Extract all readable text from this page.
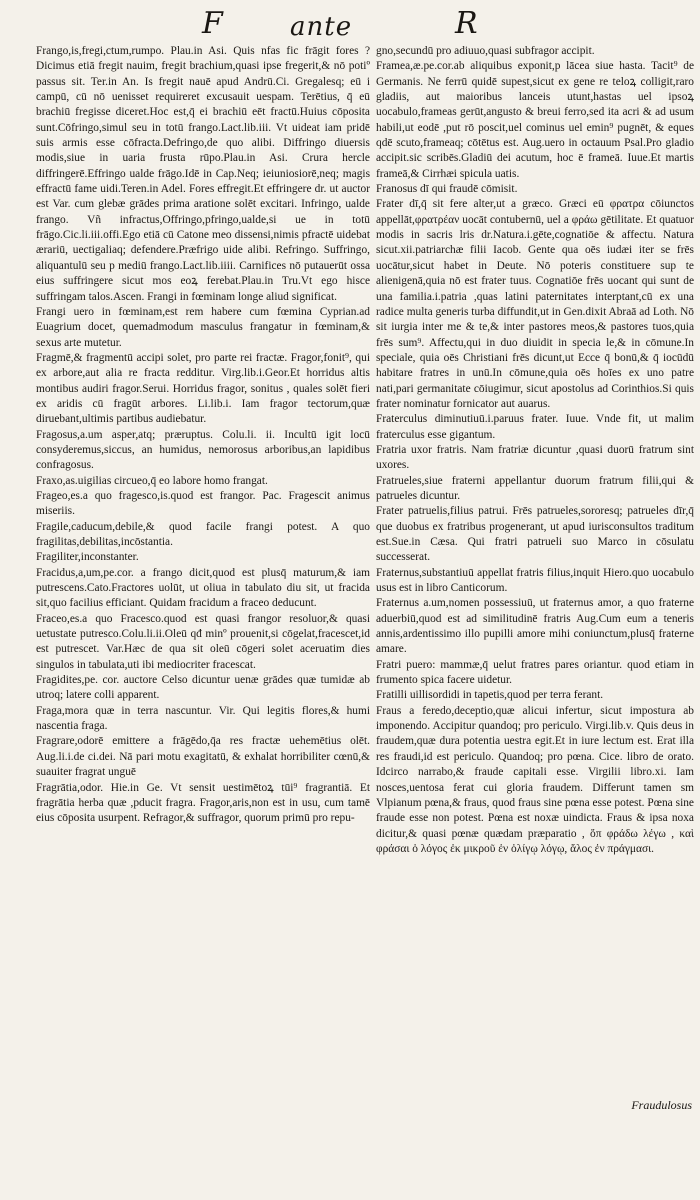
F	ante	R

Frango,is,fregi,ctum,rumpo. Plau.in Asi. Quis nfas fic frāgit fores ?Dicimus etiā fregit nauim, fregit brachium,quasi ipse fregerit,& nō potiº passus sit. Ter.in An. Is fregit nauē apud Andrū.Ci. Gregalesq; eū i campū, cū nō uenisset requireret excusauit uespam. Terētius, q̄ eū brachiū fregisse diceret.Hoc est,q̄ ei brachiū eēt fractū.Huius cōposita sunt.Cōfringo,simul seu in totū frango.Lact.lib.iii. Vt uideat iam pridē suis armis esse cōfracta.Defringo,de quo alibi. Diffringo diuersis modis,siue in uaria frusta rūpo.Plau.in Asi. Crura hercle diffringerē.Effringo ualde frāgo.Idē in Cap.Neq; ieiuniosiorē,neq; magis effractū fame uidi.Teren.in Adel. Fores effregit.Et effringere dr. ut auctor est Var. cum glebæ grādes prima aratione solēt excitari. Infringo, ualde frango. Vñ infractus,Offringo,pfringo,ualde,si ue in totū frāgo.Cic.li.iii.offi.Ego etiā cū Catone meo dissensi,nimis pfractē uidebat ærariū, uectigaliaq; defendere.Præfrigo uide alibi. Refringo. Suffringo, aliquantulū seu p mediū frango.Lact.lib.iiii. Carnifices nō putauerūt ossa eius suffringere sicut mos eoꝝ ferebat.Plau.in Tru.Vt ego hisce suffringam talos.Ascen. Frangi in fœminam longe aliud significat.

Frangi uero in fœminam,est rem habere cum fœmina Cyprian.ad Euagrium docet, quemadmodum masculus frangatur in fœminam,& sexus arte mutetur.

Fragmē,& fragmentū accipi solet, pro parte rei fractæ. Fragor,fonit⁹, qui ex arbore,aut alia re fracta redditur. Virg.lib.i.Geor.Et horridus altis montibus audiri fragor.Serui. Horridus fragor, sonitus , quales solēt fieri ex aridis cū fragūt arbores. Li.lib.i. Iam fragor tectorum,quæ diruebant,ultimis partibus audiebatur.

Fragosus,a.um asper,atq; præruptus. Colu.li. ii. Incultū igit locū consyderemus,siccus, an humidus, nemorosus arboribus,an lapidibus confragosus.

Fraxo,as.uigilias circueo,q̄ eo labore homo frangat.

Frageo,es.a quo fragesco,is.quod est frangor. Pac. Fragescit animus miseriis.

Fragile,caducum,debile,& quod facile frangi potest. A quo fragilitas,debilitas,incōstantia.

Fragiliter,inconstanter.

Fracidus,a,um,pe.cor. a frango dicit,quod est plusq̄ maturum,& iam putrescens.Cato.Fractores uolūt, ut oliua in tabulato diu sit, ut fracida sit,quo facilius efficiant. Quidam fracidum a fraceo deducunt.

Fraceo,es.a quo Fracesco.quod est quasi frangor resoluor,& quasi uetustate putresco.Colu.li.ii.Oleū qđ minº prouenit,si cōgelat,fracescet,id est putrescet. Var.Hæc de qua sit oleū cōgeri solet aceruatim dies singulos in tabulata,uti ibi mediocriter fracescat.

Fragidites,pe. cor. auctore Celso dicuntur uenæ grādes quæ tumidæ ab utroq; latere colli apparent.

Fraga,mora quæ in terra nascuntur. Vir. Qui legitis flores,& humi nascentia fraga.

Fragrare,odorē emittere a frāgēdo,q̄a res fractæ uehemētius olēt. Aug.li.i.de ci.dei. Nā pari motu exagitatū, & exhalat horribiliter cœnū,& suauiter fragrat unguē

Fragrātia,odor. Hie.in Ge. Vt sensit uestimētoꝝ tūi⁹ fragrantiā. Et fragrātia herba quæ ,pducit fragra. Fragor,aris,non est in usu, cum tamē eius cōposita usurpent. Refragor,& suffragor, quorum primū pro repu-

gno,secundū pro adiuuo,quasi subfragor accipit.

Framea,æ.pe.cor.ab aliquibus exponit,p lācea siue hasta. Tacit⁹ de Germanis. Ne ferrū quidē supest,sicut ex gene re teloꝝ colligit,raro gladiis, aut maioribus lanceis utunt,hastas uel ipsoꝝ uocabulo,frameas gerūt,angusto & breui ferro,sed ita acri & ad usum habili,ut eodē ,put rō poscit,uel cominus uel emin⁹ pugnēt, & eques qdē scuto,frameaq; cōtētus est. Aug.uero in octauum Psal.Pro gladio accipit.sic scribēs.Gladiū dei acutum, hoc ē frameā. Iuue.Et martis frameā,& Cirrhæi spicula uatis.

Franosus dī qui fraudē cōmisit.

Frater dī,q̄ sit fere alter,ut a græco. Græci eū φρατρα cōiunctos appellāt,φρατρέαν uocāt contubernū, uel a φράω gētilitate. Et quatuor modis in sacris lris dr.Natura.i.gēte,cognatiōe & affectu. Natura sicut.xii.patriarchæ filii Iacob. Gente qua oēs iudæi iter se frēs uocātur,sicut habet in Deute. Nō poteris constituere sup te alienigenā,quia nō est frater tuus. Cognatiōe frēs uocant qui sunt de una familia.i.patria ,quas latini paternitates interptant,cū ex una radice multa generis turba diffundit,ut in Gen.dixit Abraā ad Loth. Nō sit iurgia inter me & te,& inter pastores meos,& pastores tuos,quia frēs sum⁹. Affectu,qui in duo diuidit in specia le,& in cōmune.In speciale, quia oēs Christiani frēs dicunt,ut Ecce q̄ bonū,& q̄ iocūdū habitare fratres in unū.In cōmune,quia oēs hoīes ex uno patre nati,pari germanitate cōiugimur, sicut apostolus ad Corinthios.Si quis frater nominatur fornicator aut auarus.

Fraterculus diminutiuū.i.paruus frater. Iuue. Vnde fit, ut malim fraterculus esse gigantum.

Fratria uxor fratris. Nam fratriæ dicuntur ,quasi duorū fratrum sint uxores.

Fratrueles,siue fraterni appellantur duorum fratrum filii,qui & patrueles dicuntur.

Frater patruelis,filius patrui. Frēs patrueles,sororesq; patrueles dīr,q̄ que duobus ex fratribus progenerant, ut apud iurisconsultos traditum est.Sue.in Cæsa. Qui fratri patrueli suo Marco in cōsulatu successerat.

Fraternus,substantiuū appellat fratris filius,inquit Hiero.quo uocabulo usus est in libro Canticorum.

Fraternus a.um,nomen possessiuū, ut fraternus amor, a quo fraterne aduerbiū,quod est ad similitudinē fratris Aug.Cum eum a teneris annis,ardentissimo illo pupilli amore mihi coniunctum,plusq̄ fraterne amare.

Fratri puero: mammæ,q̄ uelut fratres pares oriantur. quod etiam in frumento spica facere uidetur.

Fratilli uillisordidi in tapetis,quod per terra ferant.

Fraus a feredo,deceptio,quæ alicui infertur, sicut impostura ab imponendo. Accipitur quandoq; pro periculo. Virgi.lib.v. Quis deus in fraudem,quæ dura potentia uestra egit.Et in iure lectum est. Erat illa res fraudi,id est periculo. Quandoq; pro pœna. Cice. libro de orato. Idcirco narrabo,& fraude capitali esse. Virgilii libro.xi. Iam nosces,uentosa ferat cui gloria fraudem. Differunt tamen sm Vlpianum pœna,& fraus, quod fraus sine pœna esse potest. Pœna sine fraude esse non potest. Pœna est noxæ uindicta. Fraus & ipsa noxa dicitur,& quasi pœnæ quædam præparatio , ὅπ φράδω λέγω , καὶ φράσαι ὁ λόγος ἐκ μικροῦ ἐν ὀλίγῳ λόγῳ, ἅλος ἐν πράγμασι.

Fraudulosus
